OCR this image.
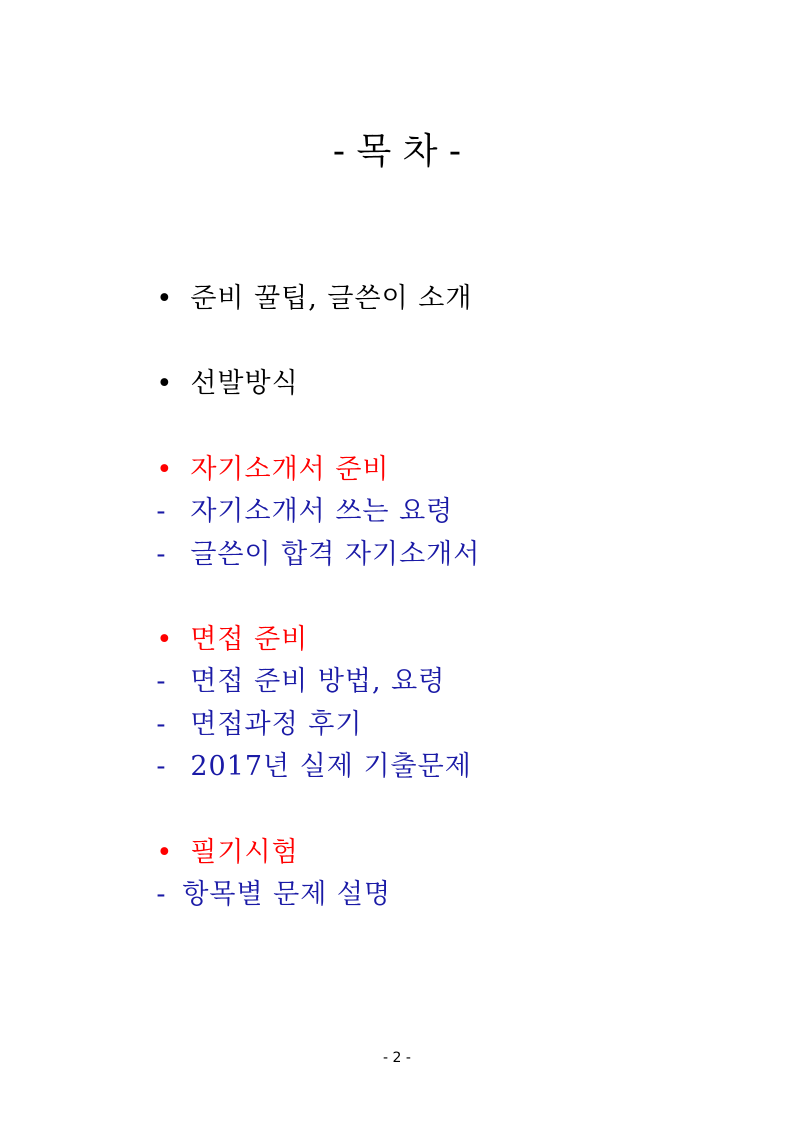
- 목 차 -

• 준비 꿀팁, 글쓴이 소개

• 선발방식

• 자기소개서 준비

- 자기소개서 쓰는 요령

- 글쓴이 합격 자기소개서

• 면접 준비

- 면접 준비 방법, 요령

- 면접과정 후기

- 2017년 실제 기출문제

• 필기시험

- 항목별 문제 설명

- 2 -
